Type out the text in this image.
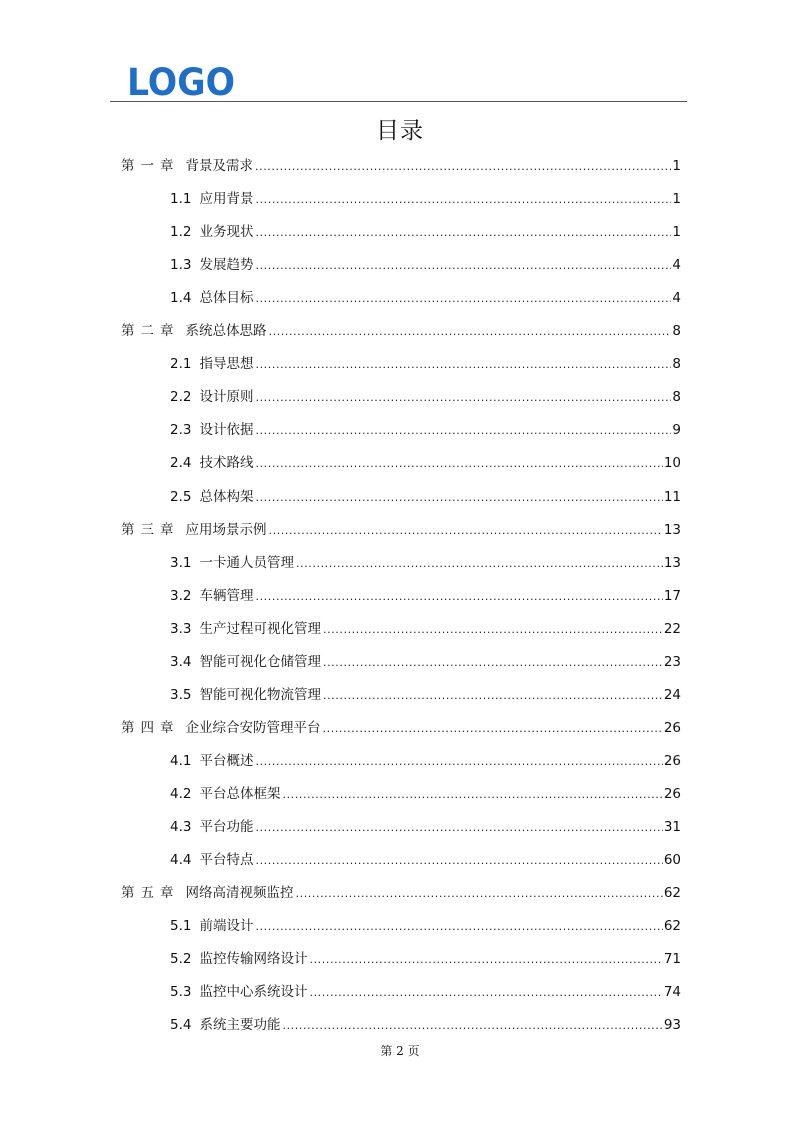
LOGO
目录
第一章 背景及需求 .....	1
1.1 应用背景 .....	1
1.2 业务现状 .....	1
1.3 发展趋势 .....	4
1.4 总体目标 .....	4
第二章 系统总体思路 .....	8
2.1 指导思想 .....	8
2.2 设计原则 .....	8
2.3 设计依据 .....	9
2.4 技术路线 .....	10
2.5 总体构架 .....	11
第三章 应用场景示例 .....	13
3.1 一卡通人员管理 .....	13
3.2 车辆管理 .....	17
3.3 生产过程可视化管理 .....	22
3.4 智能可视化仓储管理 .....	23
3.5 智能可视化物流管理 .....	24
第四章 企业综合安防管理平台 .....	26
4.1 平台概述 .....	26
4.2 平台总体框架 .....	26
4.3 平台功能 .....	31
4.4 平台特点 .....	60
第五章 网络高清视频监控 .....	62
5.1 前端设计 .....	62
5.2 监控传输网络设计 .....	71
5.3 监控中心系统设计 .....	74
5.4 系统主要功能 .....	93
第 2 页
